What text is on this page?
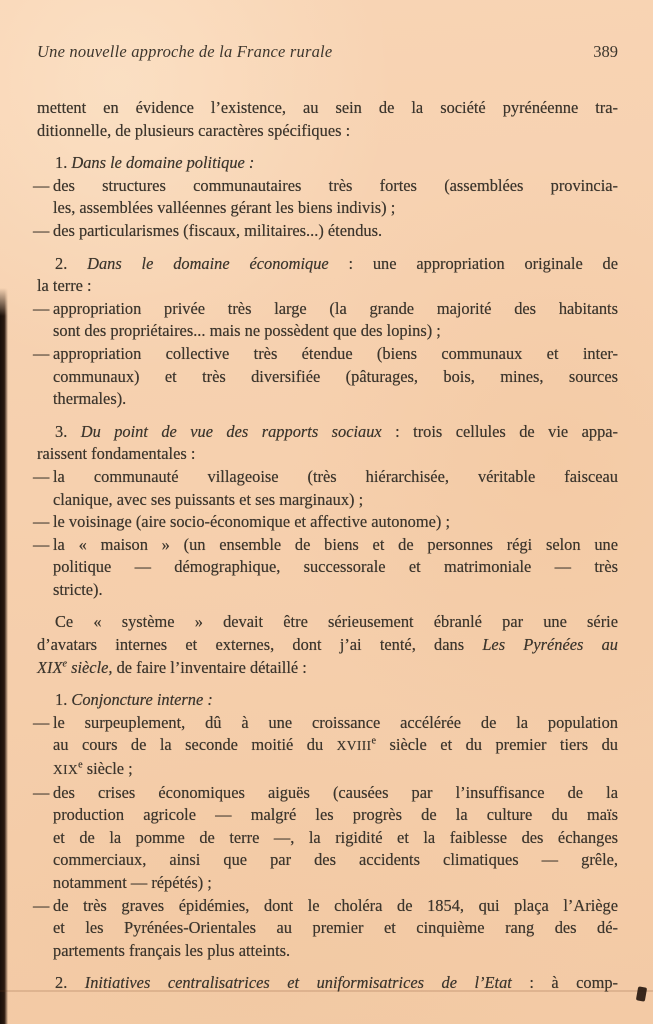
Une nouvelle approche de la France rurale	389
mettent en évidence l’existence, au sein de la société pyrénéenne tra-
ditionnelle, de plusieurs caractères spécifiques :
1. Dans le domaine politique :
— des structures communautaires très fortes (assemblées provincia-
les, assemblées valléennes gérant les biens indivis) ;
— des particularismes (fiscaux, militaires...) étendus.
2. Dans le domaine économique : une appropriation originale de
la terre :
— appropriation privée très large (la grande majorité des habitants
sont des propriétaires... mais ne possèdent que des lopins) ;
— appropriation collective très étendue (biens communaux et inter-
communaux) et très diversifiée (pâturages, bois, mines, sources
thermales).
3. Du point de vue des rapports sociaux : trois cellules de vie appa-
raissent fondamentales :
— la communauté villageoise (très hiérarchisée, véritable faisceau
clanique, avec ses puissants et ses marginaux) ;
— le voisinage (aire socio-économique et affective autonome) ;
— la « maison » (un ensemble de biens et de personnes régi selon une
politique — démographique, successorale et matrimoniale — très
stricte).
Ce « système » devait être sérieusement ébranlé par une série
d’avatars internes et externes, dont j’ai tenté, dans Les Pyrénées au
XIXe siècle, de faire l’inventaire détaillé :
1. Conjoncture interne :
— le surpeuplement, dû à une croissance accélérée de la population
au cours de la seconde moitié du XVIIIe siècle et du premier tiers du
XIXe siècle ;
— des crises économiques aiguës (causées par l’insuffisance de la
production agricole — malgré les progrès de la culture du maïs
et de la pomme de terre —, la rigidité et la faiblesse des échanges
commerciaux, ainsi que par des accidents climatiques — grêle,
notamment — répétés) ;
— de très graves épidémies, dont le choléra de 1854, qui plaça l’Ariège
et les Pyrénées-Orientales au premier et cinquième rang des dé-
partements français les plus atteints.
2. Initiatives centralisatrices et uniformisatrices de l’Etat : à comp-
